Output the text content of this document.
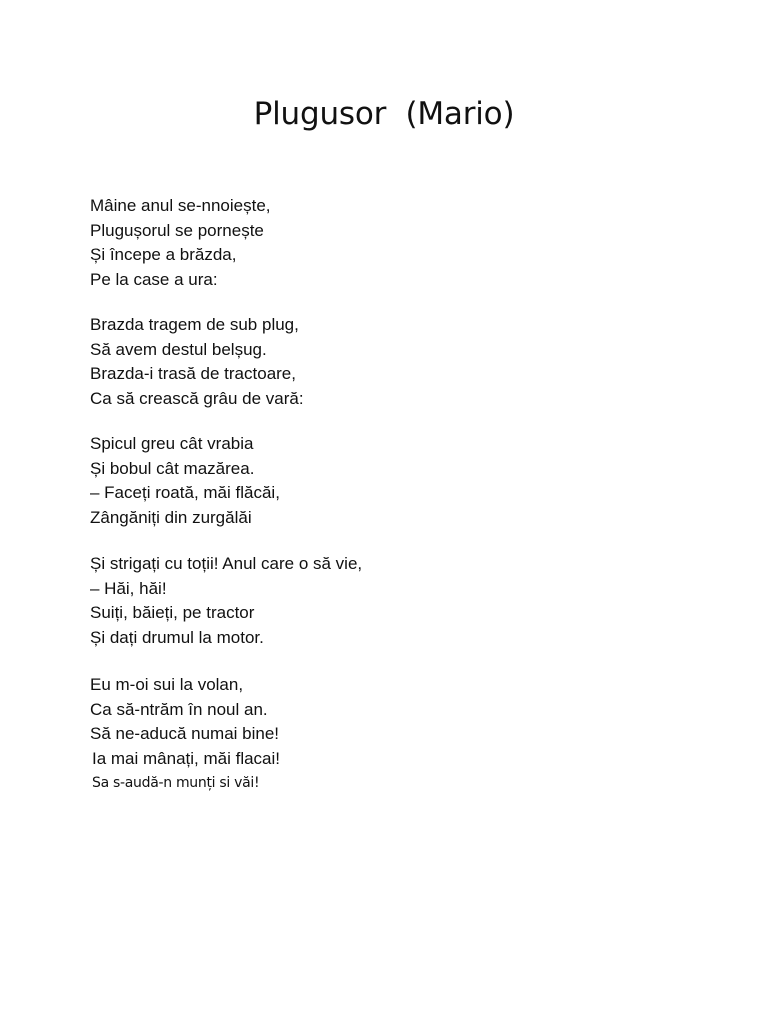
Plugusor  (Mario)
Mâine anul se-nnoiește,
Plugușorul se pornește
Și începe a brăzda,
Pe la case a ura:
Brazda tragem de sub plug,
Să avem destul belșug.
Brazda-i trasă de tractoare,
Ca să crească grâu de vară:
Spicul greu cât vrabia
Și bobul cât mazărea.
– Faceți roată, măi flăcăi,
Zângăniți din zurgălăi
Și strigați cu toții! Anul care o să vie,
– Hăi, hăi!
Suiți, băieți, pe tractor
Și dați drumul la motor.
Eu m-oi sui la volan,
Ca să-ntrăm în noul an.
Să ne-aducă numai bine!
Ia mai mânați, măi flacai!
Sa s-audă-n munți si văi!
